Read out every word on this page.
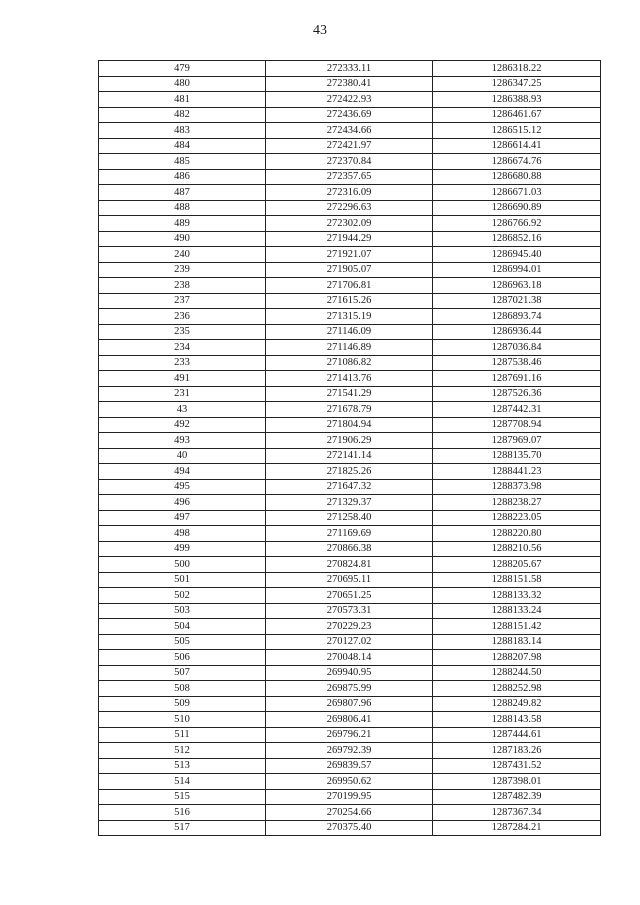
43
479	272333.11	1286318.22
480	272380.41	1286347.25
481	272422.93	1286388.93
482	272436.69	1286461.67
483	272434.66	1286515.12
484	272421.97	1286614.41
485	272370.84	1286674.76
486	272357.65	1286680.88
487	272316.09	1286671.03
488	272296.63	1286690.89
489	272302.09	1286766.92
490	271944.29	1286852.16
240	271921.07	1286945.40
239	271905.07	1286994.01
238	271706.81	1286963.18
237	271615.26	1287021.38
236	271315.19	1286893.74
235	271146.09	1286936.44
234	271146.89	1287036.84
233	271086.82	1287538.46
491	271413.76	1287691.16
231	271541.29	1287526.36
43	271678.79	1287442.31
492	271804.94	1287708.94
493	271906.29	1287969.07
40	272141.14	1288135.70
494	271825.26	1288441.23
495	271647.32	1288373.98
496	271329.37	1288238.27
497	271258.40	1288223.05
498	271169.69	1288220.80
499	270866.38	1288210.56
500	270824.81	1288205.67
501	270695.11	1288151.58
502	270651.25	1288133.32
503	270573.31	1288133.24
504	270229.23	1288151.42
505	270127.02	1288183.14
506	270048.14	1288207.98
507	269940.95	1288244.50
508	269875.99	1288252.98
509	269807.96	1288249.82
510	269806.41	1288143.58
511	269796.21	1287444.61
512	269792.39	1287183.26
513	269839.57	1287431.52
514	269950.62	1287398.01
515	270199.95	1287482.39
516	270254.66	1287367.34
517	270375.40	1287284.21
